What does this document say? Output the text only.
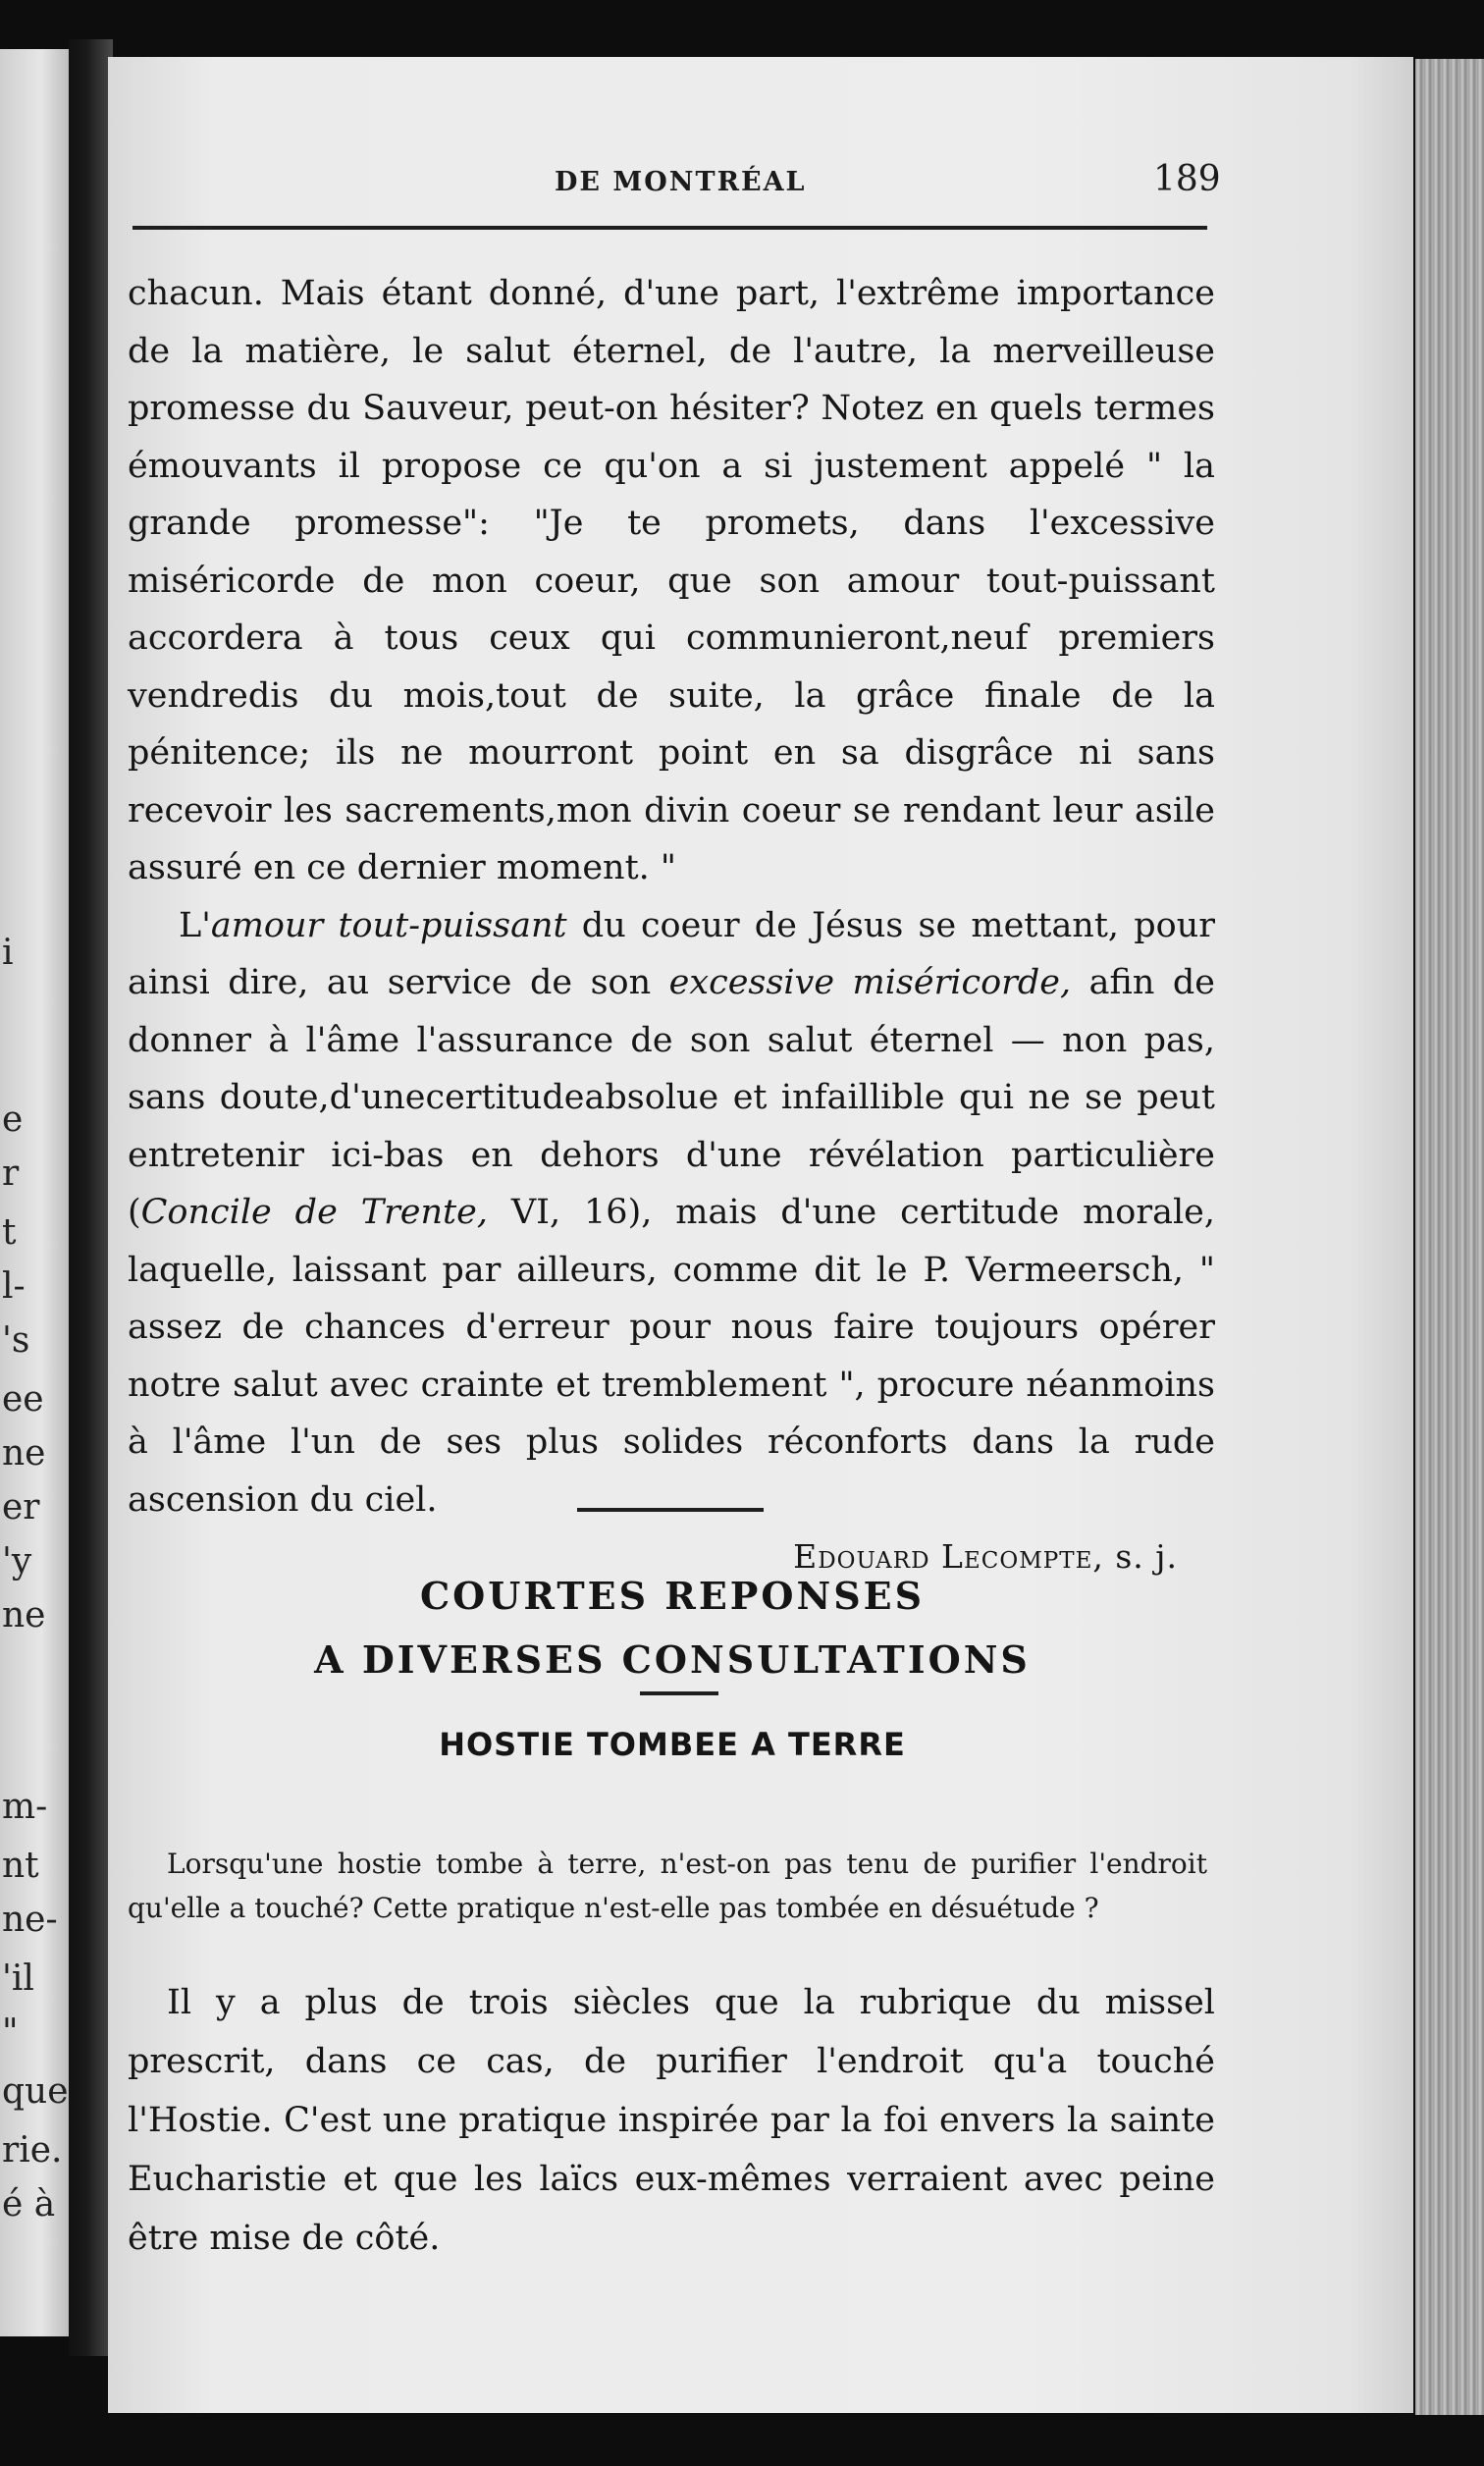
i
e
r
t
l-
's
ee
ne
er
'y
ne
m-
nt
ne-
'il
"
que
rie.
é à
DE MONTRÉAL	189

chacun. Mais étant donné, d'une part, l'extrême importance de la matière, le salut éternel, de l'autre, la merveilleuse promesse du Sauveur, peut-on hésiter? Notez en quels termes émouvants il propose ce qu'on a si justement appelé " la grande promesse": "Je te promets, dans l'excessive miséricorde de mon coeur, que son amour tout-puissant accordera à tous ceux qui communieront,neuf premiers vendredis du mois,tout de suite, la grâce finale de la pénitence; ils ne mourront point en sa disgrâce ni sans recevoir les sacrements,mon divin coeur se rendant leur asile assuré en ce dernier moment. "

L'amour tout-puissant du coeur de Jésus se mettant, pour ainsi dire, au service de son excessive miséricorde, afin de donner à l'âme l'assurance de son salut éternel — non pas, sans doute,d'unecertitudeabsolue et infaillible qui ne se peut entretenir ici-bas en dehors d'une révélation particulière (Concile de Trente, VI, 16), mais d'une certitude morale, laquelle, laissant par ailleurs, comme dit le P. Vermeersch, " assez de chances d'erreur pour nous faire toujours opérer notre salut avec crainte et tremblement ", procure néanmoins à l'âme l'un de ses plus solides réconforts dans la rude ascension du ciel.

Edouard Lecompte, s. j.

COURTES REPONSES
A DIVERSES CONSULTATIONS
HOSTIE TOMBEE A TERRE
Lorsqu'une hostie tombe à terre, n'est-on pas tenu de purifier l'endroit qu'elle a touché? Cette pratique n'est-elle pas tombée en désuétude ?
Il y a plus de trois siècles que la rubrique du missel prescrit, dans ce cas, de purifier l'endroit qu'a touché l'Hostie. C'est une pratique inspirée par la foi envers la sainte Eucharistie et que les laïcs eux-mêmes verraient avec peine être mise de côté.
